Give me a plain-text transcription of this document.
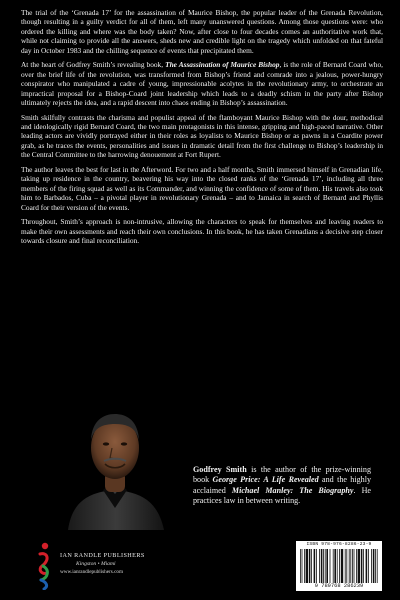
The trial of the ‘Grenada 17’ for the assassination of Maurice Bishop, the popular leader of the Grenada Revolution, though resulting in a guilty verdict for all of them, left many unanswered questions. Among those questions were: who ordered the killing and where was the body taken? Now, after close to four decades comes an authoritative work that, while not claiming to provide all the answers, sheds new and credible light on the tragedy which unfolded on that fateful day in October 1983 and the chilling sequence of events that precipitated them.

At the heart of Godfrey Smith’s revealing book, The Assassination of Maurice Bishop, is the role of Bernard Coard who, over the brief life of the revolution, was transformed from Bishop’s friend and comrade into a jealous, power-hungry conspirator who manipulated a cadre of young, impressionable acolytes in the revolutionary army, to orchestrate an impractical proposal for a Bishop-Coard joint leadership which leads to a deadly schism in the party after Bishop ultimately rejects the idea, and a rapid descent into chaos ending in Bishop’s assassination.

Smith skilfully contrasts the charisma and populist appeal of the flamboyant Maurice Bishop with the dour, methodical and ideologically rigid Bernard Coard, the two main protagonists in this intense, gripping and high-paced narrative. Other leading actors are vividly portrayed either in their roles as loyalists to Maurice Bishop or as pawns in a Coardite power grab, as he traces the events, personalities and issues in dramatic detail from the first challenge to Bishop’s leadership in the Central Committee to the harrowing denouement at Fort Rupert.

The author leaves the best for last in the Afterword. For two and a half months, Smith immersed himself in Grenadian life, taking up residence in the country, beavering his way into the closed ranks of the ‘Grenada 17’, including all three members of the firing squad as well as its Commander, and winning the confidence of some of them. His travels also took him to Barbados, Cuba – a pivotal player in revolutionary Grenada – and to Jamaica in search of Bernard and Phyllis Coard for their version of the events.

Throughout, Smith’s approach is non-intrusive, allowing the characters to speak for themselves and leaving readers to make their own assessments and reach their own conclusions. In this book, he has taken Grenadians a decisive step closer towards closure and final reconciliation.

Godfrey Smith is the author of the prize-winning book George Price: A Life Revealed and the highly acclaimed Michael Manley: The Biography. He practices law in between writing.
IAN RANDLE PUBLISHERS
Kingston • Miami
www.ianrandlepublishers.com
ISBN 978-976-8286-23-9
9 789768 286239
